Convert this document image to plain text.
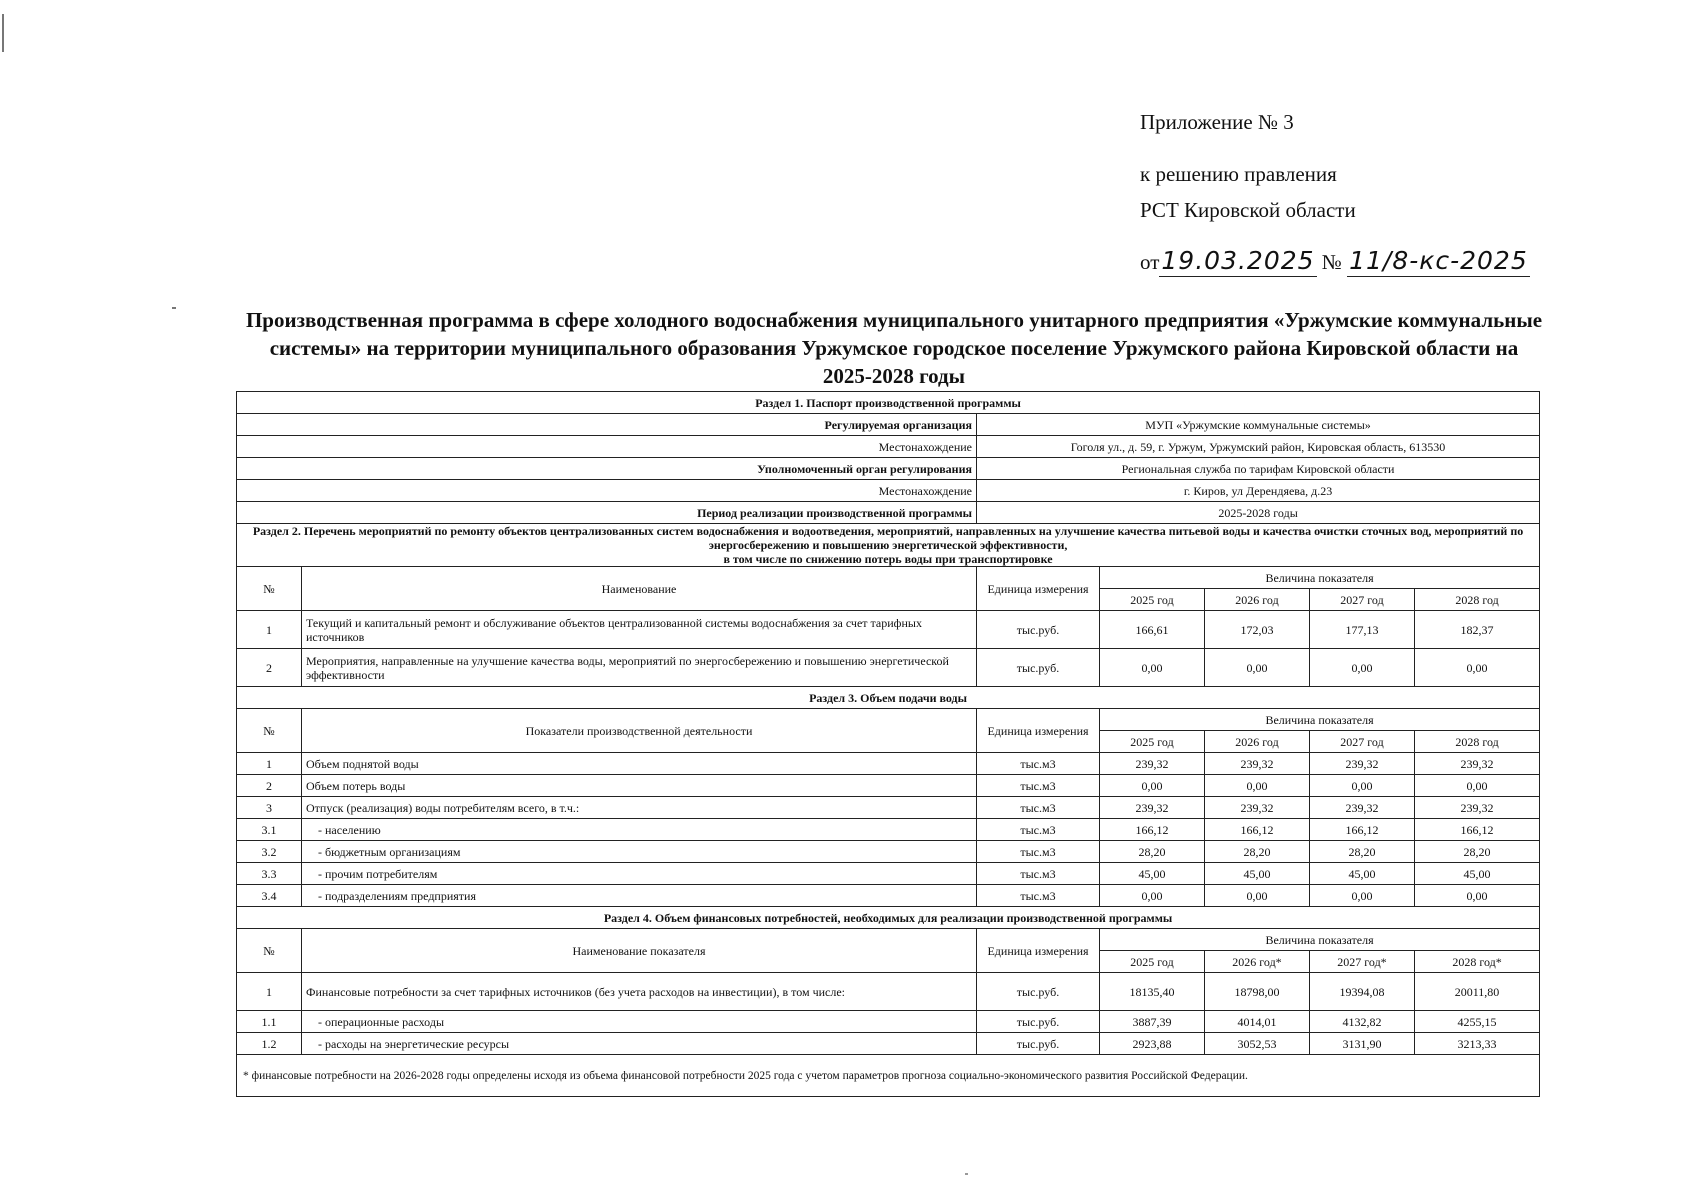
Приложение № 3
к решению правления
РСТ Кировской области
от19.03.2025 № 11/8-кс-2025
Производственная программа в сфере холодного водоснабжения муниципального унитарного предприятия «Уржумские коммунальные системы» на территории муниципального образования Уржумское городское поселение Уржумского района Кировской области на 2025-2028 годы
Раздел 1. Паспорт производственной программы						
Регулируемая организация		МУП «Уржумские коммунальные системы»				
Местонахождение		Гоголя ул., д. 59, г. Уржум, Уржумский район, Кировская область, 613530				
Уполномоченный орган регулирования		Региональная служба по тарифам Кировской области				
Местонахождение		г. Киров, ул Дерендяева, д.23				
Период реализации производственной программы		2025-2028 годы				

Раздел 2. Перечень мероприятий по ремонту объектов централизованных систем водоснабжения и водоотведения, мероприятий, направленных на улучшение качества питьевой воды и качества очистки сточных вод, мероприятий по энергосбережению и повышению энергетической эффективности,
в том числе по снижению потерь воды при транспортировке						

№	Наименование	Единица измерения	Величина показателя			
			2025 год	2026 год	2027 год	2028 год
1	Текущий и капитальный ремонт и обслуживание объектов централизованной системы водоснабжения за счет тарифных источников	тыс.руб.	166,61	172,03	177,13	182,37
2	Мероприятия, направленные на улучшение качества воды, мероприятий по энергосбережению и повышению энергетической эффективности	тыс.руб.	0,00	0,00	0,00	0,00
Раздел 3. Объем подачи воды						
№	Показатели производственной деятельности	Единица измерения	Величина показателя			
			2025 год	2026 год	2027 год	2028 год
1	Объем поднятой воды	тыс.м3	239,32	239,32	239,32	239,32
2	Объем потерь воды	тыс.м3	0,00	0,00	0,00	0,00
3	Отпуск (реализация) воды потребителям всего, в т.ч.:	тыс.м3	239,32	239,32	239,32	239,32
3.1	- населению	тыс.м3	166,12	166,12	166,12	166,12
3.2	- бюджетным организациям	тыс.м3	28,20	28,20	28,20	28,20
3.3	- прочим потребителям	тыс.м3	45,00	45,00	45,00	45,00
3.4	- подразделениям предприятия	тыс.м3	0,00	0,00	0,00	0,00
Раздел 4. Объем финансовых потребностей, необходимых для реализации производственной программы						
№	Наименование показателя	Единица измерения	Величина показателя			
			2025 год	2026 год*	2027 год*	2028 год*
1	Финансовые потребности за счет тарифных источников (без учета расходов на инвестиции), в том числе:	тыс.руб.	18135,40	18798,00	19394,08	20011,80
1.1	- операционные расходы	тыс.руб.	3887,39	4014,01	4132,82	4255,15
1.2	- расходы на энергетические ресурсы	тыс.руб.	2923,88	3052,53	3131,90	3213,33
* финансовые потребности на 2026-2028 годы определены исходя из объема финансовой потребности 2025 года с учетом параметров прогноза социально-экономического развития Российской Федерации.						
